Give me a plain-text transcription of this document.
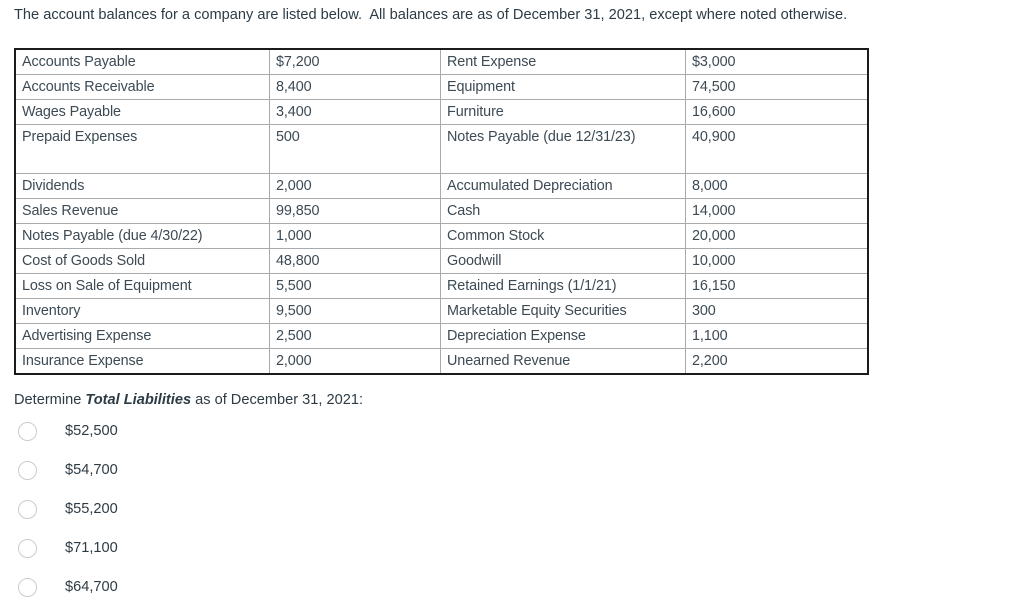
The account balances for a company are listed below.  All balances are as of December 31, 2021, except where noted otherwise.
Accounts Payable	$7,200	Rent Expense	$3,000
Accounts Receivable	8,400	Equipment	74,500
Wages Payable	3,400	Furniture	16,600
Prepaid Expenses	500	Notes Payable (due 12/31/23)	40,900
Dividends	2,000	Accumulated Depreciation	8,000
Sales Revenue	99,850	Cash	14,000
Notes Payable (due 4/30/22)	1,000	Common Stock	20,000
Cost of Goods Sold	48,800	Goodwill	10,000
Loss on Sale of Equipment	5,500	Retained Earnings (1/1/21)	16,150
Inventory	9,500	Marketable Equity Securities	300
Advertising Expense	2,500	Depreciation Expense	1,100
Insurance Expense	2,000	Unearned Revenue	2,200
Determine Total Liabilities as of December 31, 2021:
$52,500
$54,700
$55,200
$71,100
$64,700
